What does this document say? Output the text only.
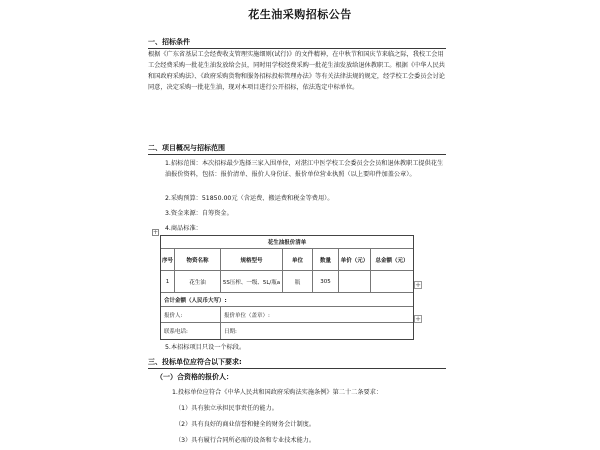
花生油采购招标公告
一、招标条件
根据《广东省基层工会经费收支管理实施细则(试行)》的文件精神，在中秋节和国庆节来临之际，我校工会用工会经费采购一批花生油发放给会员，同时用学校经费采购一批花生油发放给退休教职工。根据《中华人民共和国政府采购法》、《政府采购货物和服务招标投标管理办法》等有关法律法规的规定，经学校工会委员会讨论同意，决定采购一批花生油，现对本项目进行公开招标，依法选定中标单位。
二、项目概况与招标范围
1.招标范围：本次招标最少选择三家入围单位，对湛江中医学校工会委员会会员和退休教职工提供花生油报价资料，包括：报价清单、报价人身份证、报价单位营业执照（以上要印件加盖公章）。
2.采购预算：51850.00元（含运费、搬运费和税金等费用）。
3.资金来源：自筹资金。
4.商品标准：
+
花生油报价清单
序号	物资名称	规格型号	单位	数量	单价（元）	总金额（元）
1	花生油	5S压榨、一级、5L/瓶a	瓶	305
合计金额（人民币大写）:
报价人:	报价单位（盖章）:
联系电话:	日期:
+
+
5.本招标项目只设一个标段。
三、投标单位应符合以下要求:
（一）合资格的报价人：
1.投标单位应符合《中华人民共和国政府采购法实施条例》第二十二条要求：
（1）具有独立承担民事责任的能力。
（2）具有良好的商业信誉和健全的财务会计制度。
（3）具有履行合同所必需的设备和专业技术能力。
